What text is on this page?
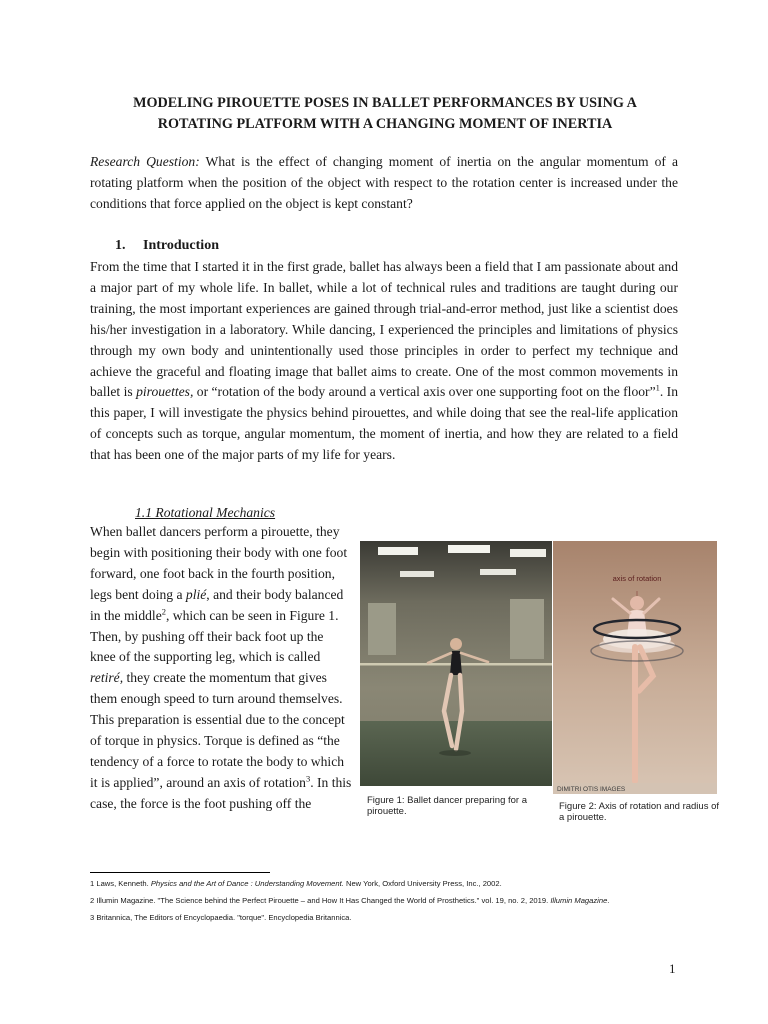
MODELING PIROUETTE POSES IN BALLET PERFORMANCES BY USING A
ROTATING PLATFORM WITH A CHANGING MOMENT OF INERTIA

Research Question: What is the effect of changing moment of inertia on the angular momentum of a rotating platform when the position of the object with respect to the rotation center is increased under the conditions that force applied on the object is kept constant?

1. Introduction

From the time that I started it in the first grade, ballet has always been a field that I am passionate about and a major part of my whole life. In ballet, while a lot of technical rules and traditions are taught during our training, the most important experiences are gained through trial-and-error method, just like a scientist does his/her investigation in a laboratory. While dancing, I experienced the principles and limitations of physics through my own body and unintentionally used those principles in order to perfect my technique and achieve the graceful and floating image that ballet aims to create. One of the most common movements in ballet is pirouettes, or “rotation of the body around a vertical axis over one supporting foot on the floor”$^1$. In this paper, I will investigate the physics behind pirouettes, and while doing that see the real-life application of concepts such as torque, angular momentum, the moment of inertia, and how they are related to a field that has been one of the major parts of my life for years.

1.1 Rotational Mechanics

When ballet dancers perform a pirouette, they begin with positioning their body with one foot forward, one foot back in the fourth position, legs bent doing a plié, and their body balanced in the middle$^2$, which can be seen in Figure 1. Then, by pushing off their back foot up the knee of the supporting leg, which is called retiré, they create the momentum that gives them enough speed to turn around themselves. This preparation is essential due to the concept of torque in physics. Torque is defined as “the tendency of a force to rotate the body to which it is applied”, around an axis of rotation$^3$. In this case, the force is the foot pushing off the

axis of rotation
DIMITRI OTIS IMAGES
Figure 1: Ballet dancer preparing for a pirouette.	Figure 2: Axis of rotation and radius of a pirouette.
1 Laws, Kenneth. Physics and the Art of Dance : Understanding Movement. New York, Oxford University Press, Inc., 2002.
2 Illumin Magazine. "The Science behind the Perfect Pirouette – and How It Has Changed the World of Prosthetics." vol. 19, no. 2, 2019. Illumin Magazine.
3 Britannica, The Editors of Encyclopaedia. "torque". Encyclopedia Britannica.
1
